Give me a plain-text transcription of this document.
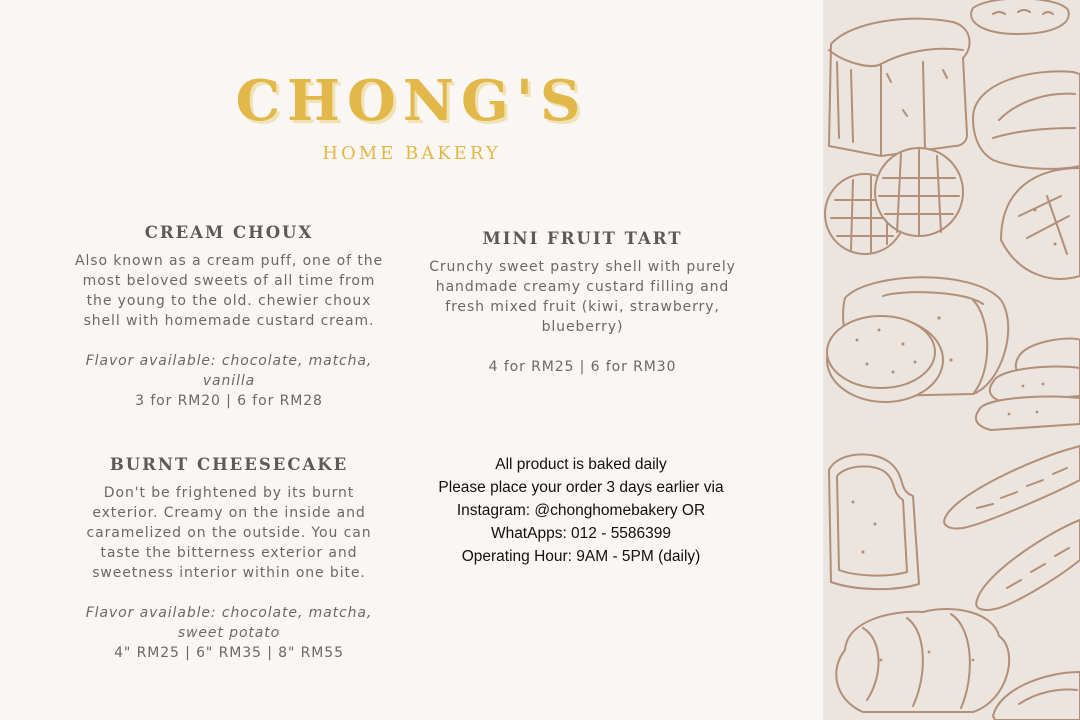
CHONG'S
HOME BAKERY
CREAM CHOUX
Also known as a cream puff, one of the most beloved sweets of all time from the young to the old. chewier choux shell with homemade custard cream.
Flavor available: chocolate, matcha, vanilla
3 for RM20 | 6 for RM28
MINI FRUIT TART
Crunchy sweet pastry shell with purely handmade creamy custard filling and fresh mixed fruit (kiwi, strawberry, blueberry)
4 for RM25 | 6 for RM30
BURNT CHEESECAKE
Don't be frightened by its burnt exterior. Creamy on the inside and caramelized on the outside. You can taste the bitterness exterior and sweetness interior within one bite.
Flavor available: chocolate, matcha, sweet potato
4" RM25 | 6" RM35 | 8" RM55
All product is baked daily
Please place your order 3 days earlier via
Instagram: @chonghomebakery OR
WhatApps: 012 - 5586399
Operating Hour: 9AM - 5PM (daily)
